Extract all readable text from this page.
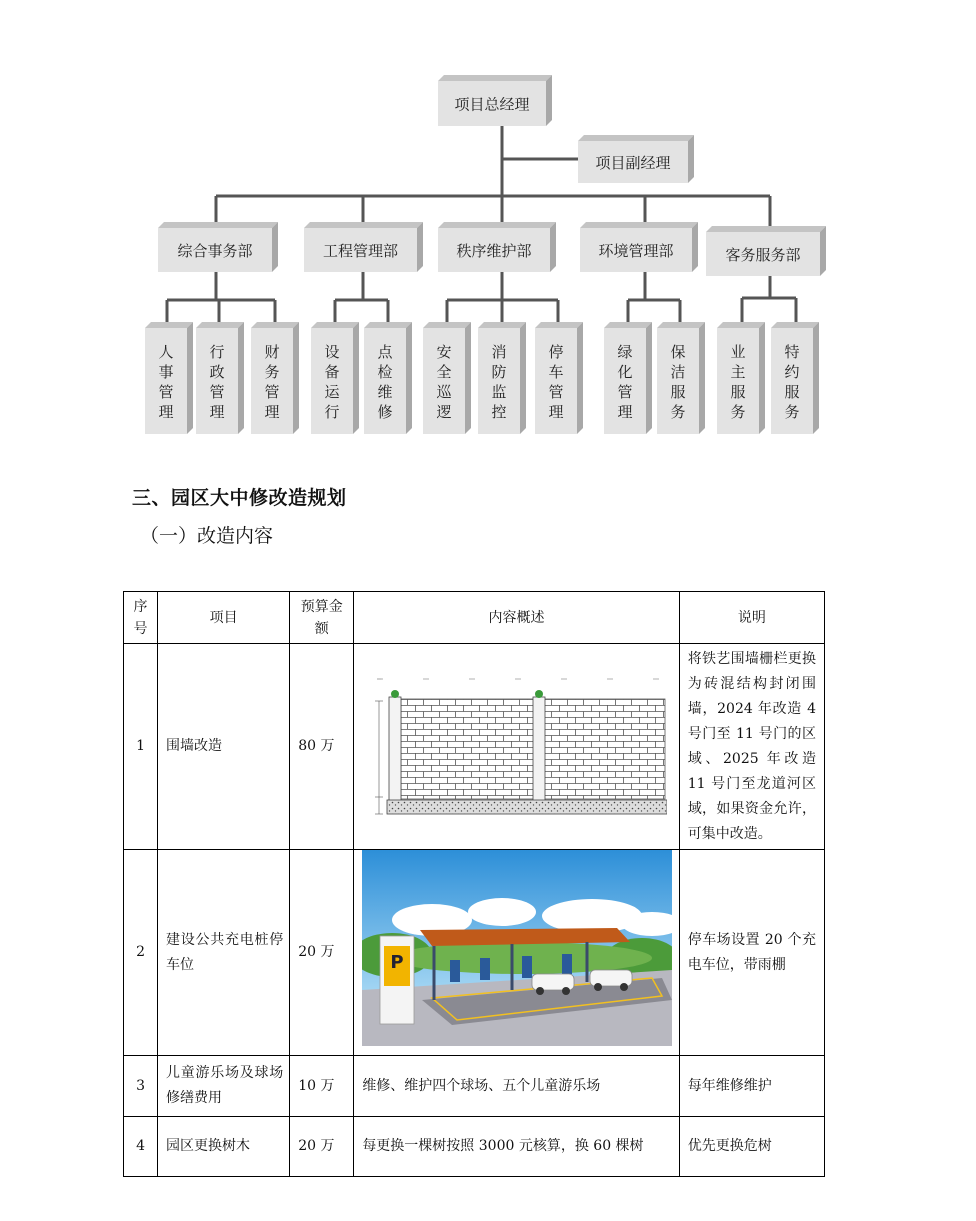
项目总经理
项目副经理
综合事务部
人
事
管
理
行
政
管
理
财
务
管
理
工程管理部
设
备
运
行
点
检
维
修
秩序维护部
安
全
巡
逻
消
防
监
控
停
车
管
理
环境管理部
绿
化
管
理
保
洁
服
务
客务服务部
业
主
服
务
特
约
服
务
三、园区大中修改造规划
（一）改造内容
序号	项目	预算金额	内容概述	说明
1	围墙改造	80 万		将铁艺围墙栅栏更换为砖混结构封闭围墙，2024 年改造 4 号门至 11 号门的区域、2025 年改造 11 号门至龙道河区域，如果资金允许，可集中改造。
2	建设公共充电桩停车位	20 万	P	停车场设置 20 个充电车位，带雨棚
3	儿童游乐场及球场修缮费用	10 万	维修、维护四个球场、五个儿童游乐场	每年维修维护
4	园区更换树木	20 万	每更换一棵树按照 3000 元核算，换 60 棵树	优先更换危树
